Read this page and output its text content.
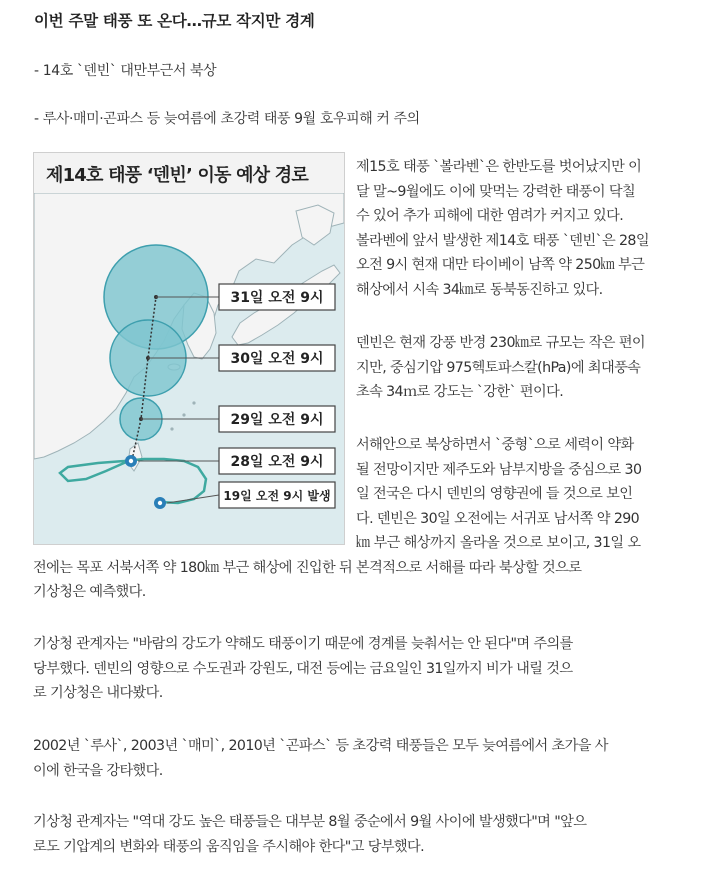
이번 주말 태풍 또 온다…규모 작지만 경계
- 14호 `덴빈` 대만부근서 북상
- 루사·매미·곤파스 등 늦여름에 초강력 태풍 9월 호우피해 커 주의
31일 오전 9시
30일 오전 9시
29일 오전 9시
28일 오전 9시
19일 오전 9시 발생
제14호 태풍 ‘덴빈’ 이동 예상 경로	제15호 태풍 `볼라벤`은 한반도를 벗어났지만 이
달 말~9월에도 이에 맞먹는 강력한 태풍이 닥칠
수 있어 추가 피해에 대한 염려가 커지고 있다.
볼라벤에 앞서 발생한 제14호 태풍 `덴빈`은 28일
오전 9시 현재 대만 타이베이 남쪽 약 250㎞ 부근
해상에서 시속 34㎞로 동북동진하고 있다.
덴빈은 현재 강풍 반경 230㎞로 규모는 작은 편이
지만, 중심기압 975헥토파스칼(hPa)에 최대풍속
초속 34ｍ로 강도는 `강한` 편이다.
서해안으로 북상하면서 `중형`으로 세력이 약화
될 전망이지만 제주도와 남부지방을 중심으로 30
일 전국은 다시 덴빈의 영향권에 들 것으로 보인
다. 덴빈은 30일 오전에는 서귀포 남서쪽 약 290
㎞ 부근 해상까지 올라올 것으로 보이고, 31일 오
전에는 목포 서북서쪽 약 180㎞ 부근 해상에 진입한 뒤 본격적으로 서해를 따라 북상할 것으로
기상청은 예측했다.
기상청 관계자는 "바람의 강도가 약해도 태풍이기 때문에 경계를 늦춰서는 안 된다"며 주의를
당부했다. 덴빈의 영향으로 수도권과 강원도, 대전 등에는 금요일인 31일까지 비가 내릴 것으
로 기상청은 내다봤다.
2002년 `루사`, 2003년 `매미`, 2010년 `곤파스` 등 초강력 태풍들은 모두 늦여름에서 초가을 사
이에 한국을 강타했다.
기상청 관계자는 "역대 강도 높은 태풍들은 대부분 8월 중순에서 9월 사이에 발생했다"며 "앞으
로도 기압계의 변화와 태풍의 움직임을 주시해야 한다"고 당부했다.
